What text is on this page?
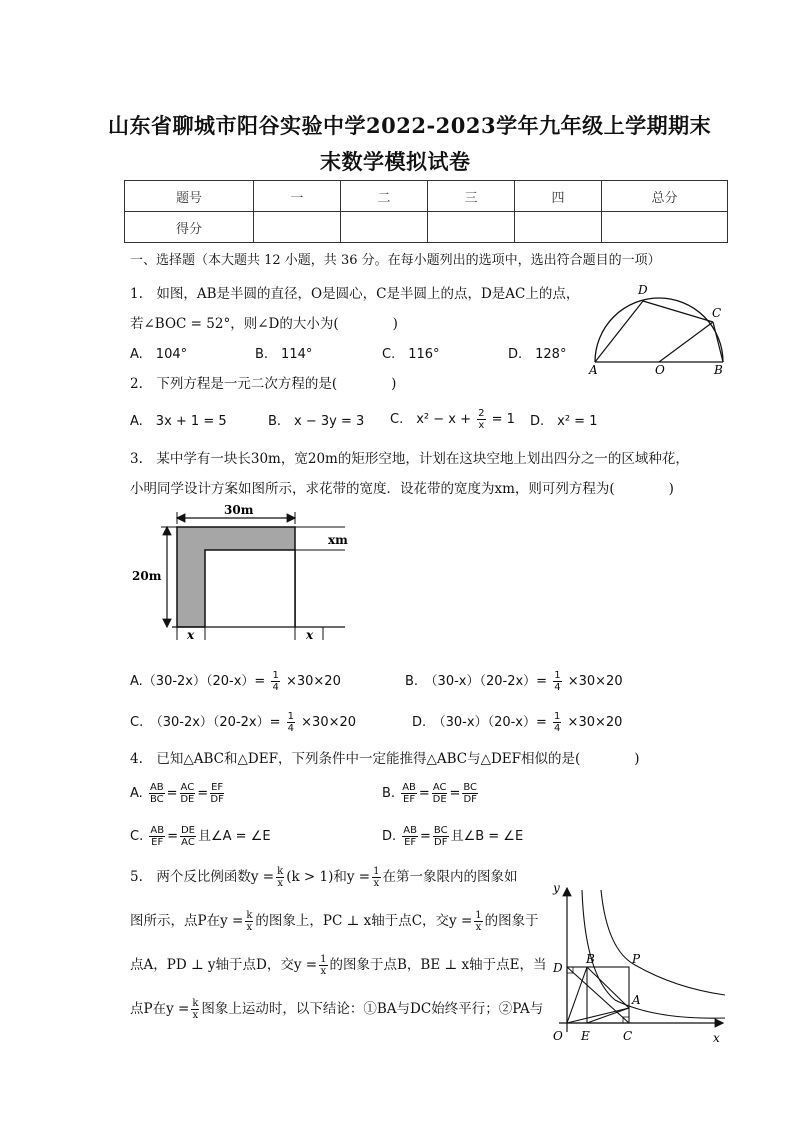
山东省聊城市阳谷实验中学2022-2023学年九年级上学期期末
末数学模拟试卷
题号	一	二	三	四	总分
得分					
一、选择题（本大题共 12 小题，共 36 分。在每小题列出的选项中，选出符合题目的一项）
1.　如图，AB是半圆的直径，O是圆心，C是半圆上的点，D是AC上的点，
若∠BOC = 52°，则∠D的大小为(　　　　)
A.　104°	B.　114°	C.　116°	D.　128°
D
C
A	O	B
2.　下列方程是一元二次方程的是(　　　　)
A.　3x + 1 = 5	B.　x − 3y = 3 C.　$x^2 - x + \frac{2}{x} = 1$ D.　x² = 1
3.　某中学有一块长30m，宽20m的矩形空地，计划在这块空地上划出四分之一的区域种花，
小明同学设计方案如图所示，求花带的宽度．设花带的宽度为xm，则可列方程为(　　　　)
30m
xm
20m
x	x
$A.(30-2x)(20-x)= \frac{1}{4} \times 30\times 20$	B.　$(30-x)(20-2x)= \frac{1}{4} \times 30\times 20$
C.　$(30-2x)(20-2x)= \frac{1}{4} \times 30\times 20$	D.　$(30-x)(20-x)= \frac{1}{4} \times 30\times 20$
4.　已知△ABC和△DEF，下列条件中一定能推得△ABC与△DEF相似的是(　　　　)
A. $\frac{AB}{BC} = \frac{AC}{DE} = \frac{EF}{DF}$	B. $\frac{AB}{EF} = \frac{AC}{DE} = \frac{BC}{DF}$
C. $\frac{AB}{EF} = \frac{DE}{AC}$ 且∠A = ∠E	D. $\frac{AB}{EF} = \frac{BC}{DF}$ 且∠B = ∠E
5.　两个反比例函数$y = \frac{k}{x} (k > 1)$和$y = \frac{1}{x}$ 在第一象限内的图象如
图所示，点P在$y = \frac{k}{x}$ 的图象上，PC ⊥ x轴于点C，交$y = \frac{1}{x}$ 的图象于
点A，PD ⊥ y轴于点D，交$y = \frac{1}{x}$ 的图象于点B，BE ⊥ x轴于点E，当
点P在$y = \frac{k}{x}$ 图象上运动时，以下结论：①BA与DC始终平行；②PA与
y
x
O
D
B	P
A
E	C
